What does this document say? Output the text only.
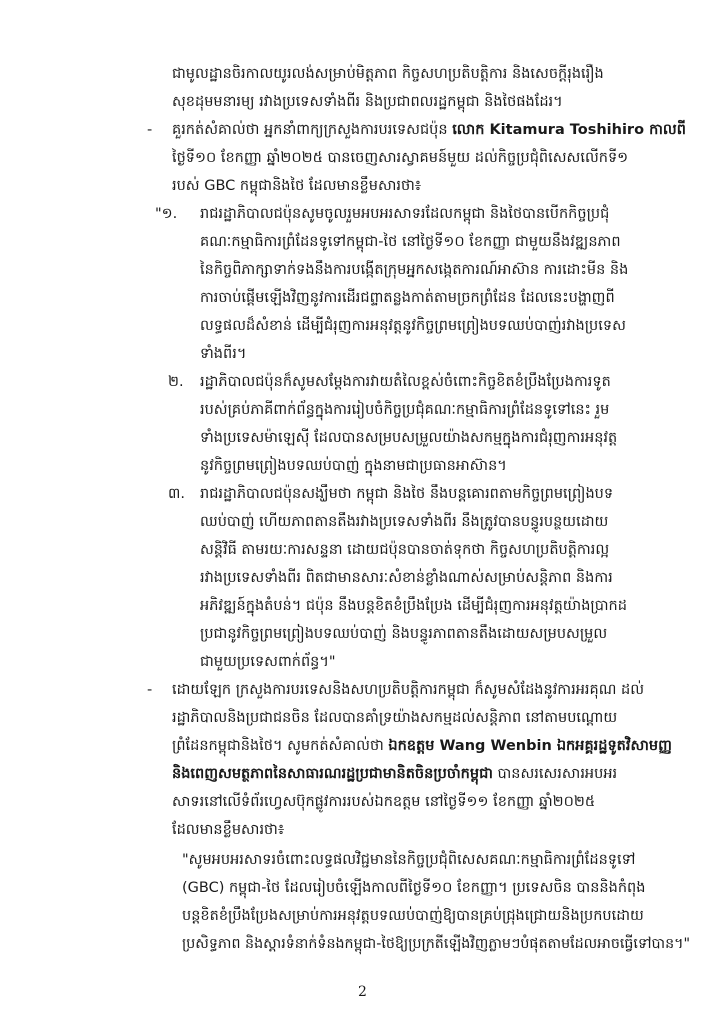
ជាមូលដ្ឋានចិរកាលយូរលង់សម្រាប់មិត្តភាព កិច្ចសហប្រតិបត្តិការ និងសេចក្តីរុងរឿង
សុខដុមមនារម្យ រវាងប្រទេសទាំងពីរ និងប្រជាពលរដ្ឋកម្ពុជា និងថៃផងដែរ។
- គួរកត់សំគាល់ថា អ្នកនាំពាក្យក្រសួងការបរទេសជប៉ុន លោក Kitamura Toshihiro កាលពី
ថ្ងៃទី១០ ខែកញ្ញា ឆ្នាំ២០២៥ បានចេញសារស្វាគមន៍មួយ ដល់កិច្ចប្រជុំពិសេសលើកទី១
របស់ GBC កម្ពុជានិងថៃ ដែលមានខ្លឹមសារថា៖
"១. រាជរដ្ឋាភិបាលជប៉ុនសូមចូលរួមអបអរសាទរដែលកម្ពុជា និងថៃបានបើកកិច្ចប្រជុំ
គណៈកម្មាធិការព្រំដែនទូទៅកម្ពុជា-ថៃ នៅថ្ងៃទី១០ ខែកញ្ញា ជាមួយនឹងវឌ្ឍនភាព
នៃកិច្ចពិភាក្សាទាក់ទងនឹងការបង្កើតក្រុមអ្នកសង្កេតការណ៍អាស៊ាន ការដោះមីន និង
ការចាប់ផ្តើមឡើងវិញនូវការដើរជព្ទាតន្លងកាត់តាមច្រកព្រំដែន ដែលនេះបង្ហាញពី
លទ្ធផលដ៏សំខាន់ ដើម្បីជំរុញការអនុវត្តនូវកិច្ចព្រមព្រៀងបទឈប់បាញ់រវាងប្រទេស
ទាំងពីរ។
២. រដ្ឋាភិបាលជប៉ុនក៏សូមសម្តែងការវាយតំលៃខ្ពស់ចំពោះកិច្ចខិតខំប្រឹងប្រែងការទូត
របស់គ្រប់ភាគីពាក់ព័ន្ធក្នុងការរៀបចំកិច្ចប្រជុំគណៈកម្មាធិការព្រំដែនទូទៅនេះ រួម
ទាំងប្រទេសម៉ាឡេស៊ី ដែលបានសម្របសម្រួលយ៉ាងសកម្មក្នុងការជំរុញការអនុវត្ត
នូវកិច្ចព្រមព្រៀងបទឈប់បាញ់ ក្នុងនាមជាប្រធានអាស៊ាន។
៣. រាជរដ្ឋាភិបាលជប៉ុនសង្ឃឹមថា កម្ពុជា និងថៃ នឹងបន្តគោរពតាមកិច្ចព្រមព្រៀងបទ
ឈប់បាញ់ ហើយភាពតានតឹងរវាងប្រទេសទាំងពីរ នឹងត្រូវបានបន្ធូរបន្ថយដោយ
សន្តិវិធី តាមរយៈការសន្ទនា ដោយជប៉ុនបានចាត់ទុកថា កិច្ចសហប្រតិបត្តិការល្អ
រវាងប្រទេសទាំងពីរ ពិតជាមានសារៈសំខាន់ខ្លាំងណាស់សម្រាប់សន្តិភាព និងការ
អភិវឌ្ឍន៍ក្នុងតំបន់។ ជប៉ុន នឹងបន្តខិតខំប្រឹងប្រែង ដើម្បីជំរុញការអនុវត្តយ៉ាងប្រាកដ
ប្រជានូវកិច្ចព្រមព្រៀងបទឈប់បាញ់ និងបន្ធូរភាពតានតឹងដោយសម្របសម្រួល
ជាមួយប្រទេសពាក់ព័ន្ធ។"
- ដោយឡែក ក្រសួងការបរទេសនិងសហប្រតិបត្តិការកម្ពុជា ក៏សូមសំដែងនូវការអរគុណ ដល់
រដ្ឋាភិបាលនិងប្រជាជនចិន ដែលបានគាំទ្រយ៉ាងសកម្មដល់សន្តិភាព នៅតាមបណ្តោយ
ព្រំដែនកម្ពុជានិងថៃ។ សូមកត់សំគាល់ថា ឯកឧត្តម Wang Wenbin ឯកអគ្គរដ្ឋទូតវិសាមញ្ញ
និងពេញសមត្ថភាពនៃសាធារណរដ្ឋប្រជាមានិតចិនប្រចាំកម្ពុជា បានសរសេរសារអបអរ
សាទរនៅលើទំព័រហ្វេសប៊ុកផ្លូវការរបស់ឯកឧត្តម នៅថ្ងៃទី១១ ខែកញ្ញា ឆ្នាំ២០២៥
ដែលមានខ្លឹមសារថា៖
"សូមអបអរសាទរចំពោះលទ្ធផលវិជ្ជមាននៃកិច្ចប្រជុំពិសេសគណៈកម្មាធិការព្រំដែនទូទៅ
(GBC) កម្ពុជា-ថៃ ដែលរៀបចំឡើងកាលពីថ្ងៃទី១០ ខែកញ្ញា។ ប្រទេសចិន បាននិងកំពុង
បន្តខិតខំប្រឹងប្រែងសម្រាប់ការអនុវត្តបទឈប់បាញ់ឱ្យបានគ្រប់ជ្រុងជ្រោយនិងប្រកបដោយ
ប្រសិទ្ធភាព និងស្តារទំនាក់ទំនងកម្ពុជា-ថៃឱ្យប្រក្រតីឡើងវិញភ្លាមៗបំផុតតាមដែលអាចធ្វើទៅបាន។"
2
